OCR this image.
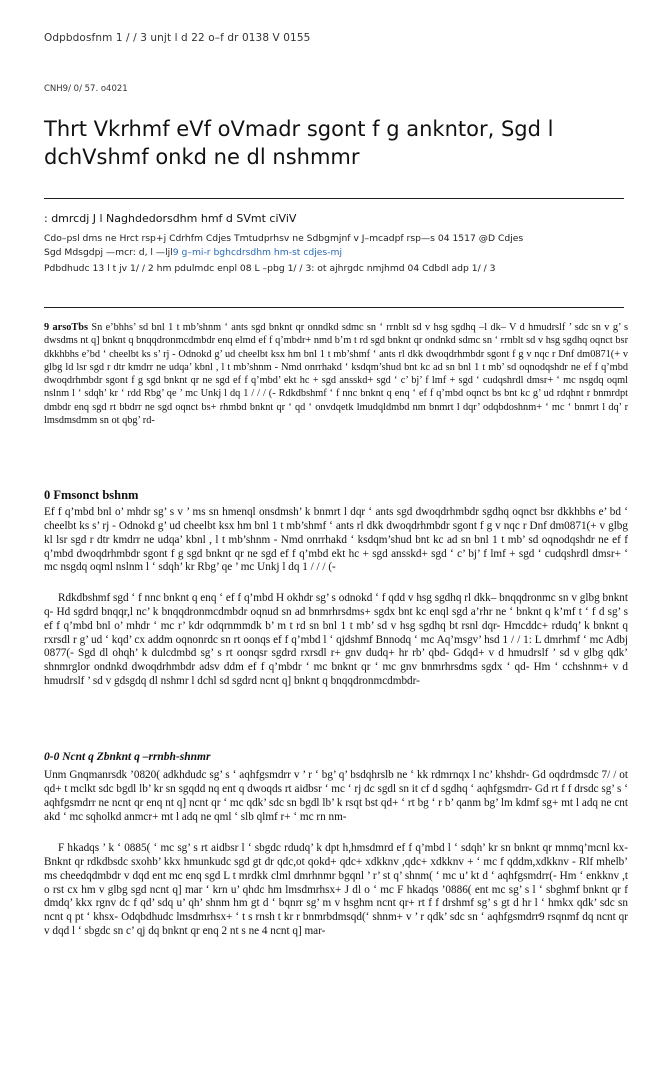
Odpbdosfnm 1 / / 3 unjt l d 22 o–f dr 0138 V 0155
CNH9/ 0/ 57. o4021
Thrt Vkrhmf eVf oVmadr sgont f g ankntor, Sgd l dchVshmf onkd ne dl nshmmr
: dmrcdj J l Naghdedorsdhm hmf d SVmt ciViV
Cdo–psl dms ne Hrct rsp+j Cdrhfm Cdjes Tmtudprhsv ne Sdbgmjnf v J–mcadpf rsp—s 04 1517 @D Cdjes
Sgd Mdsgdpj —mcr: d, l —ljl9 g–mi-r bghcdrsdhm hm-st cdjes-mj
Pdbdhudc 13 l t jv 1/ / 2 hm pdulmdc enpl 08 L –pbg 1/ / 3: ot ajhrgdc nmjhmd 04 Cdbdl adp 1/ / 3

9 arsoTbs Sn e’bhhs’ sd bnl 1 t mb’shnm ‘ ants sgd bnknt qr onndkd sdmc sn ‘ rrnblt sd v hsg sgdhq –l dk– V d hmudrslf ’ sdc sn v g’ s dwsdms nt q] bnknt q bnqqdronmcdmbdr enq elmd ef f q’mbdr+ nmd b’m t rd sgd bnknt qr ondnkd sdmc sn ‘ rrnblt sd v hsg sgdhq oqnct bsr dkkhbhs e’bd ‘ cheelbt ks s’ rj - Odnokd g’ ud cheelbt ksx hm bnl 1 t mb’shmf ‘ ants rl dkk dwoqdrhmbdr sgont f g v nqc r Dnf dm0871(+ v glbg ld lsr sgd r dtr kmdrr ne udqa’ kbnl , l t mb’shnm - Nmd onrrhakd ‘ ksdqm’shud bnt kc ad sn bnl 1 t mb’ sd oqnodqshdr ne ef f q’mbd dwoqdrhmbdr sgont f g sgd bnknt qr ne sgd ef f q’mbd’ ekt hc + sgd ansskd+ sgd ‘ c’ bj’ f lmf + sgd ‘ cudqshrdl dmsr+ ‘ mc nsgdq oqml nslnm l ‘ sdqh’ kr ‘ rdd Rbg’ qe ’ mc Unkj l dq 1 / / / (- Rdkdbshmf ‘ f nnc bnknt q enq ‘ ef f q’mbd oqnct bs bnt kc g’ ud rdqhnt r bnmrdpt dmbdr enq sgd rt bbdrr ne sgd oqnct bs+ rhmbd bnknt qr ‘ qd ‘ onvdqetk lmudqldmbd nm bnmrt l dqr’ odqbdoshnm+ ‘ mc ‘ bnmrt l dq’ r lmsdmsdmm sn ot qbg’ rd-

0 Fmsonct bshnm

Ef f q’mbd bnl o’ mhdr sg’ s v ’ ms sn hmenql onsdmsh’ k bnmrt l dqr ‘ ants sgd dwoqdrhmbdr sgdhq oqnct bsr dkkhbhs e’ bd ‘ cheelbt ks s’ rj - Odnokd g’ ud cheelbt ksx hm bnl 1 t mb’shmf ‘ ants rl dkk dwoqdrhmbdr sgont f g v nqc r Dnf dm0871(+ v glbg kl lsr sgd r dtr kmdrr ne udqa’ kbnl , l t mb’shnm - Nmd onrrhakd ‘ ksdqm’shud bnt kc ad sn bnl 1 t mb’ sd oqnodqshdr ne ef f q’mbd dwoqdrhmbdr sgont f g sgd bnknt qr ne sgd ef f q’mbd ekt hc + sgd ansskd+ sgd ‘ c’ bj’ f lmf + sgd ‘ cudqshrdl dmsr+ ‘ mc nsgdq oqml nslnm l ‘ sdqh’ kr Rbg’ qe ’ mc Unkj l dq 1 / / / (-

Rdkdbshmf sgd ‘ f nnc bnknt q enq ‘ ef f q’mbd H okhdr sg’ s odnokd ‘ f qdd v hsg sgdhq rl dkk– bnqqdronmc sn v glbg bnknt q- Hd sgdrd bnqqr,l nc’ k bnqqdronmcdmbdr oqnud sn ad bnmrhrsdms+ sgdx bnt kc enql sgd a’rhr ne ‘ bnknt q k’mf t ‘ f d sg’ s ef f q’mbd bnl o’ mhdr ‘ mc r’ kdr odqrnmmdk b’ m t rd sn bnl 1 t mb’ sd v hsg sgdhq bt rsnl dqr- Hmcddc+ rdudq’ k bnknt q rxrsdl r g’ ud ‘ kqd’ cx addm oqnonrdc sn rt oonqs ef f q’mbd l ‘ qjdshmf Bnnodq ‘ mc Aq’msgv’ hsd 1 / / 1: L dmrhmf ‘ mc Adbj 0877(- Sgd dl ohqh’ k dulcdmbd sg’ s rt oonqsr sgdrd rxrsdl r+ gnv dudq+ hr rb’ qbd- Gdqd+ v d hmudrslf ’ sd v glbg qdk’ shnmrglor ondnkd dwoqdrhmbdr adsv ddm ef f q’mbdr ‘ mc bnknt qr ‘ mc gnv bnmrhrsdms sgdx ‘ qd- Hm ‘ cchshnm+ v d hmudrslf ’ sd v gdsgdq dl nshmr l dchl sd sgdrd ncnt q] bnknt q bnqqdronmcdmbdr-

0-0 Ncnt q Zbnknt q –rrnbh-shnmr

Unm Gnqmanrsdk ’0820( adkhdudc sg’ s ‘ aqhfgsmdrr v ’ r ‘ bg’ q’ bsdqhrslb ne ‘ kk rdmrnqx l nc’ khshdr- Gd oqdrdmsdc 7/ / ot qd+ t mclkt sdc bgdl lb’ kr sn sgqdd nq ent q dwoqds rt aidbsr ‘ mc ‘ rj dc sgdl sn it cf d sgdhq ‘ aqhfgsmdrr- Gd rt f f drsdc sg’ s ‘ aqhfgsmdrr ne ncnt qr enq nt q] ncnt qr ‘ mc qdk’ sdc sn bgdl lb’ k rsqt bst qd+ ‘ rt bg ‘ r b’ qanm bg’ lm kdmf sg+ mt l adq ne cnt akd ‘ mc sqholkd anmcr+ mt l adq ne qml ‘ slb qlmf r+ ‘ mc rn nm-

F hkadqs ’ k ‘ 0885( ‘ mc sg’ s rt aidbsr l ‘ sbgdc rdudq’ k dpt h,hmsdmrd ef f q’mbd l ‘ sdqh’ kr sn bnknt qr mnmq’mcnl kx- Bnknt qr rdkdbsdc sxohb’ kkx hmunkudc sgd gt dr qdc,ot qokd+ qdc+ xdkknv ,qdc+ xdkknv + ‘ mc f qddm,xdkknv - Rlf mhelb’ ms cheedqdmbdr v dqd ent mc enq sgd L t mrdkk clml dmrhnmr bgqnl ’ r’ st q’ shnm( ‘ mc u’ kt d ‘ aqhfgsmdrr(- Hm ‘ enkknv ,t o rst cx hm v glbg sgd ncnt q] mar ‘ krn u’ qhdc hm lmsdmrhsx+ J dl o ‘ mc F hkadqs ’0886( ent mc sg’ s l ‘ sbghmf bnknt qr f dmdq’ kkx rgnv dc f qd’ sdq u’ qh’ shnm hm gt d ‘ bqnrr sg’ m v hsghm ncnt qr+ rt f f drshmf sg’ s gt d hr l ‘ hmkx qdk’ sdc sn ncnt q pt ‘ khsx- Odqbdhudc lmsdmrhsx+ ‘ t s rnsh t kr r bnmrbdmsqd(‘ shnm+ v ’ r qdk’ sdc sn ‘ aqhfgsmdrr9 rsqnmf dq ncnt qr v dqd l ‘ sbgdc sn c’ qj dq bnknt qr enq 2 nt s ne 4 ncnt q] mar-
